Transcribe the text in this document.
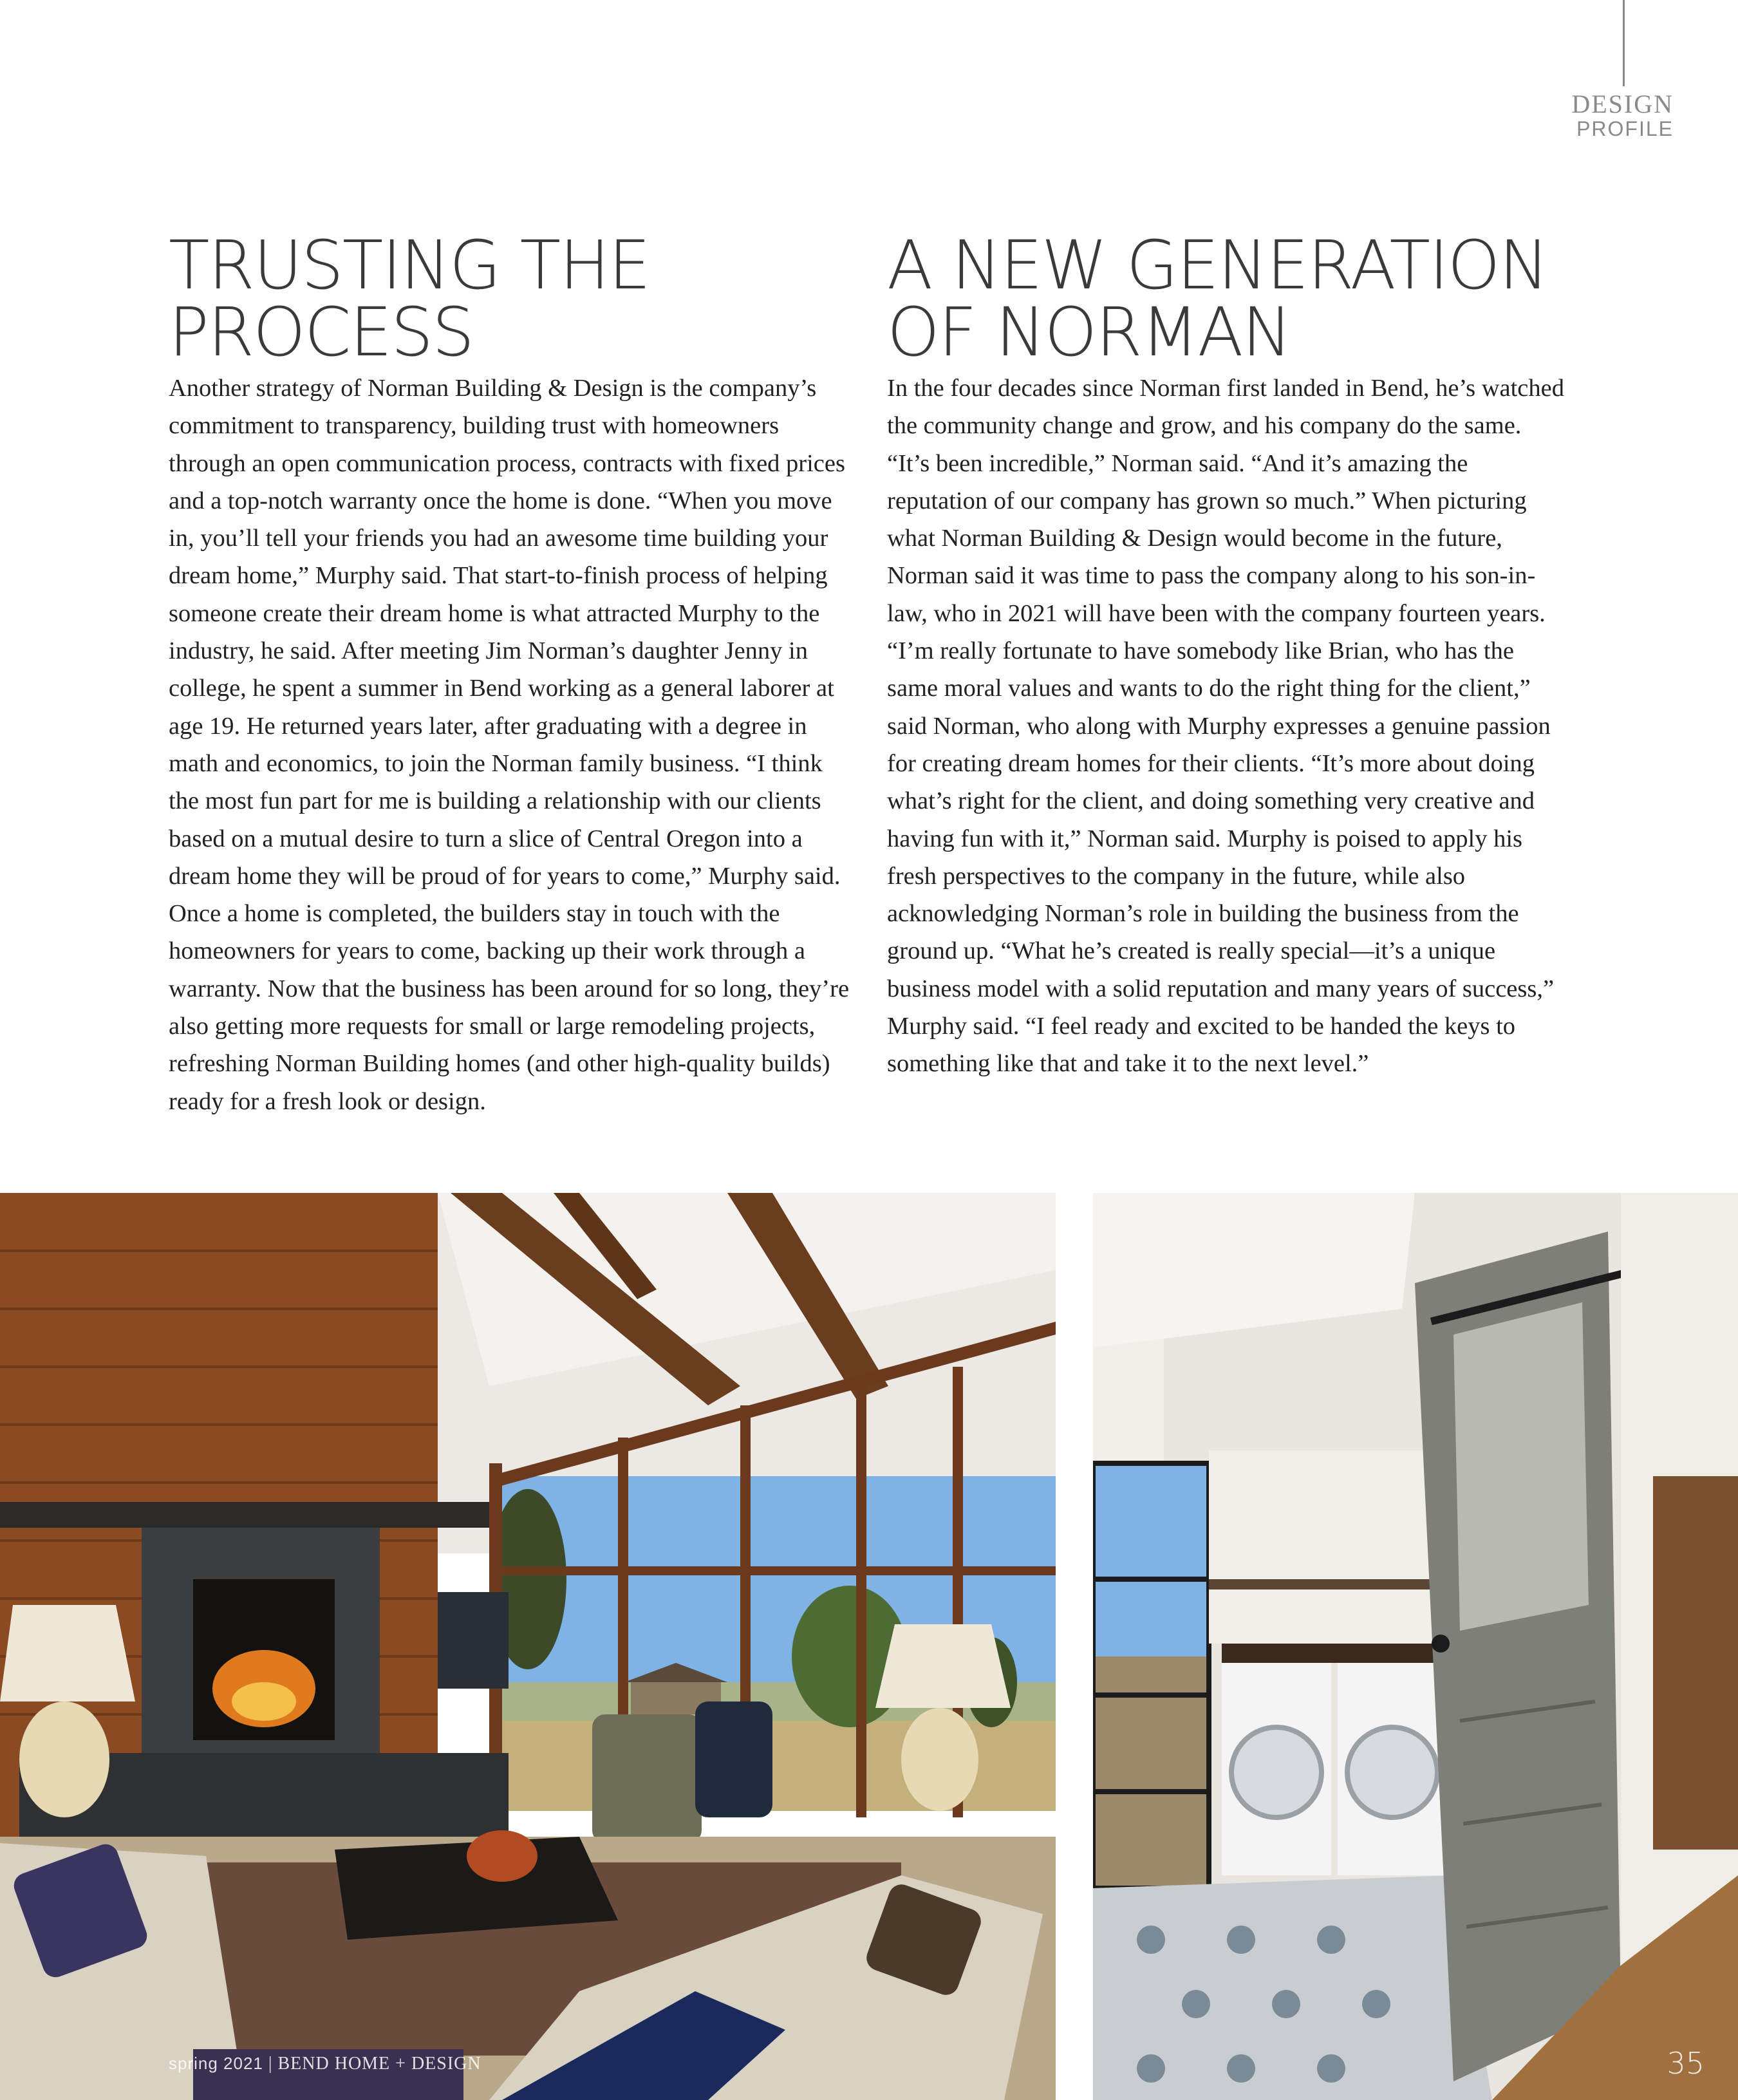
DESIGN
PROFILE
TRUSTING THE
PROCESS

Another strategy of Norman Building & Design is the company’s commitment to transparency, building trust with homeowners through an open communication process, contracts with fixed prices and a top-notch warranty once the home is done. “When you move in, you’ll tell your friends you had an awesome time building your dream home,” Murphy said. That start-to-finish process of helping someone create their dream home is what attracted Murphy to the industry, he said. After meeting Jim Norman’s daughter Jenny in college, he spent a summer in Bend working as a general laborer at age 19. He returned years later, after graduating with a degree in math and economics, to join the Norman family business. “I think the most fun part for me is building a relationship with our clients based on a mutual desire to turn a slice of Central Oregon into a dream home they will be proud of for years to come,” Murphy said. Once a home is completed, the builders stay in touch with the homeowners for years to come, backing up their work through a warranty. Now that the business has been around for so long, they’re also getting more requests for small or large remodeling projects, refreshing Norman Building homes (and other high-quality builds) ready for a fresh look or design.

A NEW GENERATION
OF NORMAN

In the four decades since Norman first landed in Bend, he’s watched the community change and grow, and his company do the same. “It’s been incredible,” Norman said. “And it’s amazing the reputation of our company has grown so much.” When picturing what Norman Building & Design would become in the future, Norman said it was time to pass the company along to his son-in-law, who in 2021 will have been with the company fourteen years. “I’m really fortunate to have somebody like Brian, who has the same moral values and wants to do the right thing for the client,” said Norman, who along with Murphy expresses a genuine passion for creating dream homes for their clients. “It’s more about doing what’s right for the client, and doing something very creative and having fun with it,” Norman said. Murphy is poised to apply his fresh perspectives to the company in the future, while also acknowledging Norman’s role in building the business from the ground up. “What he’s created is really special—it’s a unique business model with a solid reputation and many years of success,” Murphy said. “I feel ready and excited to be handed the keys to something like that and take it to the next level.”

spring 2021 | BEND HOME + DESIGN	35
